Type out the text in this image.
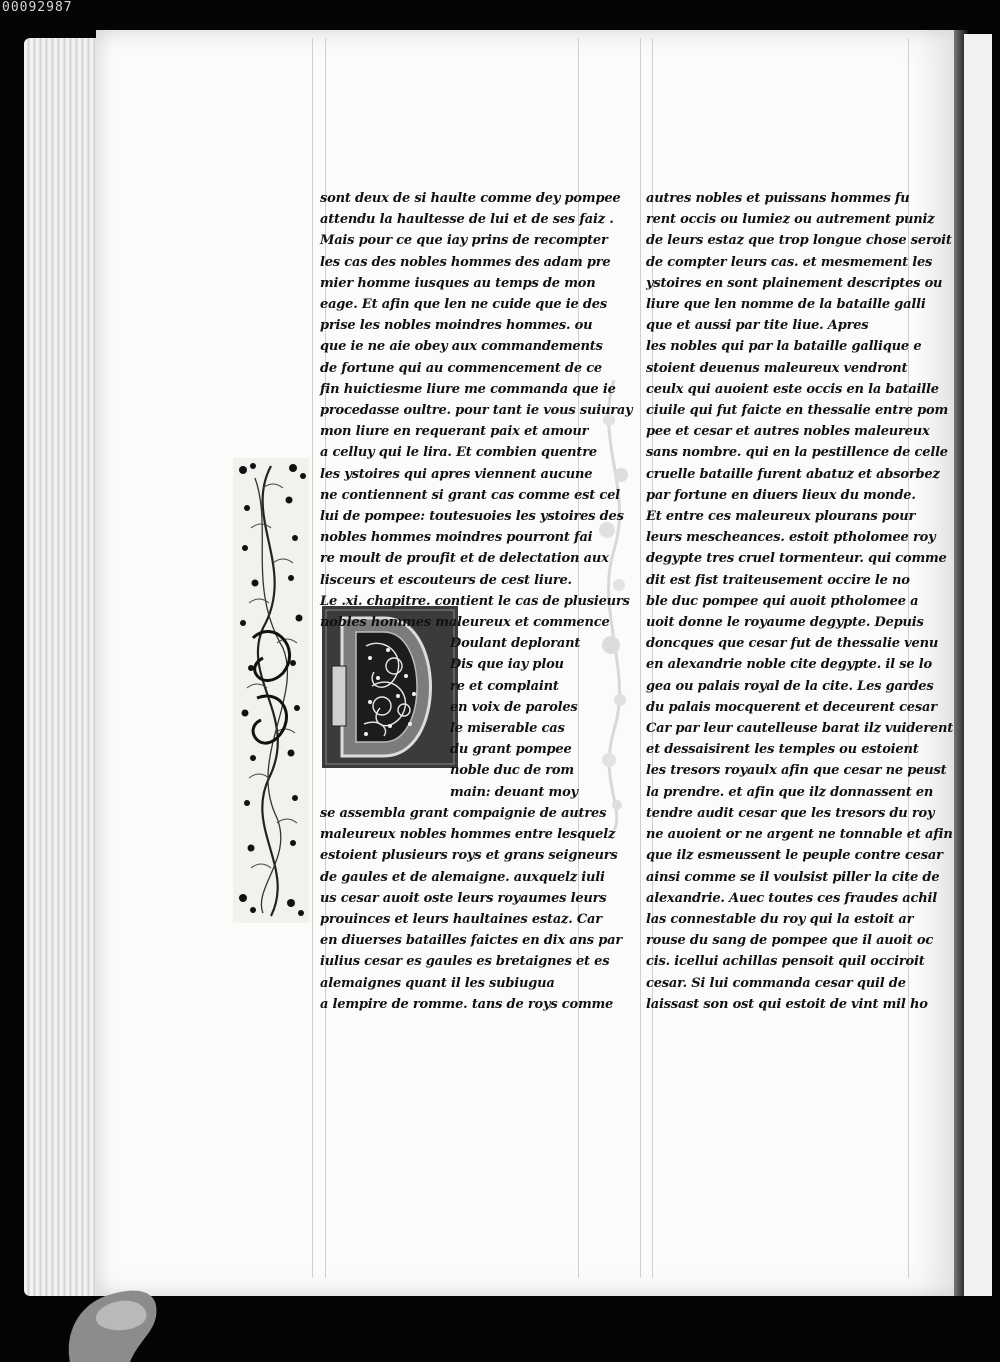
00092987
sont deux de si haulte comme dey pompee
attendu la haultesse de lui et de ses faiz .
Mais pour ce que iay prins de recompter
les cas des nobles hommes des adam pre
mier homme iusques au temps de mon
eage. Et afin que len ne cuide que ie des
prise les nobles moindres hommes. ou
que ie ne aie obey aux commandements
de fortune qui au commencement de ce
fin huictiesme liure me commanda que ie
procedasse oultre. pour tant ie vous suiuray
mon liure en requerant paix et amour
a celluy qui le lira. Et combien quentre
les ystoires qui apres viennent aucune
ne contiennent si grant cas comme est cel
lui de pompee: toutesuoies les ystoires des
nobles hommes moindres pourront fai
re moult de proufit et de delectation aux
lisceurs et escouteurs de cest liure.
Le .xi. chapitre. contient le cas de plusieurs
nobles hommes maleureux et commence
Doulant deplorant
Dis que iay plou
re et complaint
en voix de paroles
le miserable cas
du grant pompee
noble duc de rom
main: deuant moy
se assembla grant compaignie de autres
maleureux nobles hommes entre lesquelz
estoient plusieurs roys et grans seigneurs
de gaules et de alemaigne. auxquelz iuli
us cesar auoit oste leurs royaumes leurs
prouinces et leurs haultaines estaz. Car
en diuerses batailles faictes en dix ans par
iulius cesar es gaules es bretaignes et es
alemaignes quant il les subiugua
a lempire de romme. tans de roys comme
autres nobles et puissans hommes fu
rent occis ou lumiez ou autrement puniz
de leurs estaz que trop longue chose seroit
de compter leurs cas. et mesmement les
ystoires en sont plainement descriptes ou
liure que len nomme de la bataille galli
que et aussi par tite liue. Apres
les nobles qui par la bataille gallique e
stoient deuenus maleureux vendront
ceulx qui auoient este occis en la bataille
ciuile qui fut faicte en thessalie entre pom
pee et cesar et autres nobles maleureux
sans nombre. qui en la pestillence de celle
cruelle bataille furent abatuz et absorbez
par fortune en diuers lieux du monde.
Et entre ces maleureux plourans pour
leurs mescheances. estoit ptholomee roy
degypte tres cruel tormenteur. qui comme
dit est fist traiteusement occire le no
ble duc pompee qui auoit ptholomee a
uoit donne le royaume degypte. Depuis
doncques que cesar fut de thessalie venu
en alexandrie noble cite degypte. il se lo
gea ou palais royal de la cite. Les gardes
du palais mocquerent et deceurent cesar
Car par leur cautelleuse barat ilz vuiderent
et dessaisirent les temples ou estoient
les tresors royaulx afin que cesar ne peust
la prendre. et afin que ilz donnassent en
tendre audit cesar que les tresors du roy
ne auoient or ne argent ne tonnable et afin
que ilz esmeussent le peuple contre cesar
ainsi comme se il voulsist piller la cite de
alexandrie. Auec toutes ces fraudes achil
las connestable du roy qui la estoit ar
rouse du sang de pompee que il auoit oc
cis. icellui achillas pensoit quil occiroit
cesar. Si lui commanda cesar quil de
laissast son ost qui estoit de vint mil ho
